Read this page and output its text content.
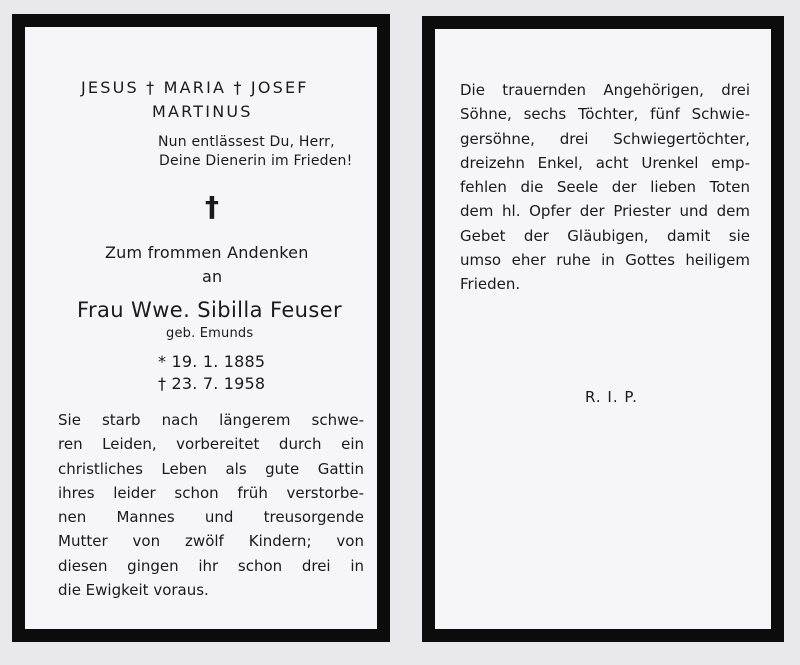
JESUS † MARIA † JOSEF
MARTINUS
Nun entlässest Du, Herr,
Deine Dienerin im Frieden!
†
Zum frommen Andenken
an
Frau Wwe. Sibilla Feuser
geb. Emunds
* 19. 1. 1885
† 23. 7. 1958
Sie starb nach längerem schwe-
ren Leiden, vorbereitet durch ein
christliches Leben als gute Gattin
ihres leider schon früh verstorbe-
nen Mannes und treusorgende
Mutter von zwölf Kindern; von
diesen gingen ihr schon drei in
die Ewigkeit voraus.
Die trauernden Angehörigen, drei
Söhne, sechs Töchter, fünf Schwie-
gersöhne, drei Schwiegertöchter,
dreizehn Enkel, acht Urenkel emp-
fehlen die Seele der lieben Toten
dem hl. Opfer der Priester und dem
Gebet der Gläubigen, damit sie
umso eher ruhe in Gottes heiligem
Frieden.
R. I. P.
